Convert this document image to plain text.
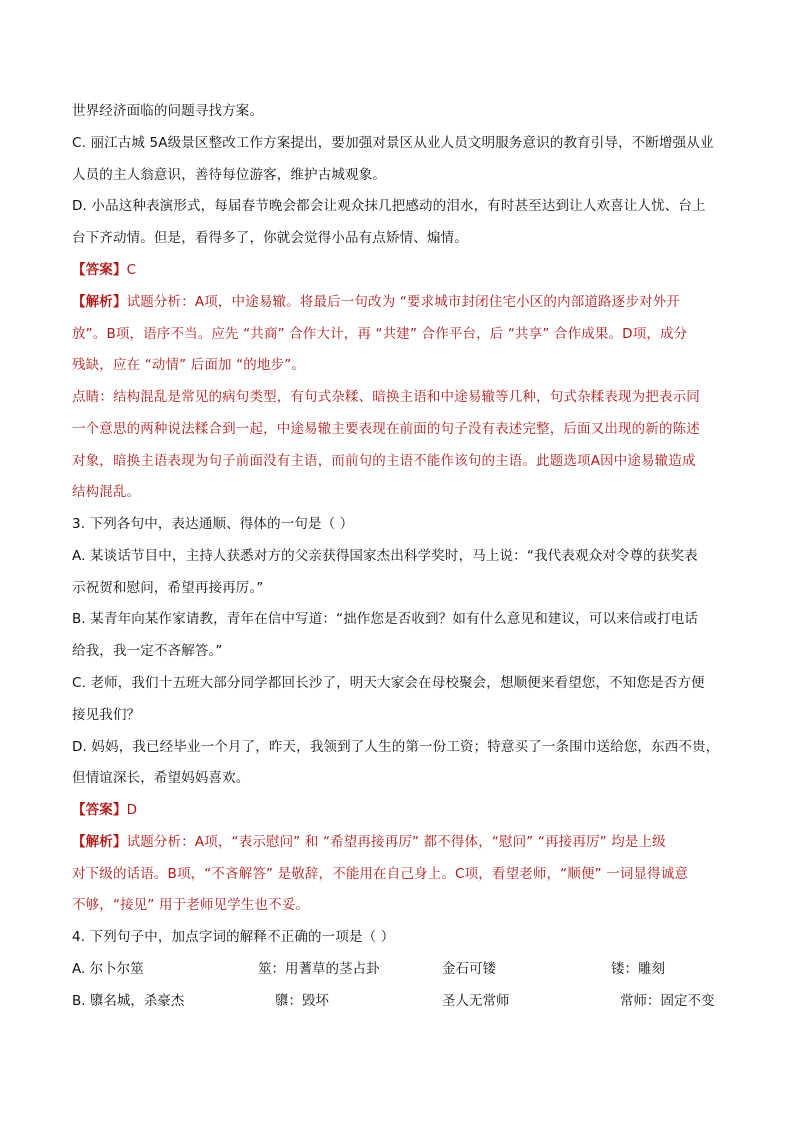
世界经济面临的问题寻找方案。
C. 丽江古城 5A级景区整改工作方案提出，要加强对景区从业人员文明服务意识的教育引导，不断增强从业
人员的主人翁意识，善待每位游客，维护古城观象。
D. 小品这种表演形式，每届春节晚会都会让观众抹几把感动的泪水，有时甚至达到让人欢喜让人忧、台上
台下齐动情。但是，看得多了，你就会觉得小品有点矫情、煽情。
【答案】C
【解析】试题分析：A项，中途易辙。将最后一句改为 “要求城市封闭住宅小区的内部道路逐步对外开
放”。B项，语序不当。应先 “共商” 合作大计，再 “共建” 合作平台，后 “共享” 合作成果。D项，成分
残缺，应在 “动情” 后面加 “的地步”。
点睛：结构混乱是常见的病句类型，有句式杂糅、暗换主语和中途易辙等几种，句式杂糅表现为把表示同
一个意思的两种说法糅合到一起，中途易辙主要表现在前面的句子没有表述完整，后面又出现的新的陈述
对象，暗换主语表现为句子前面没有主语，而前句的主语不能作该句的主语。此题选项A因中途易辙造成
结构混乱。
3. 下列各句中，表达通顺、得体的一句是（ ）
A. 某谈话节目中，主持人获悉对方的父亲获得国家杰出科学奖时，马上说：“我代表观众对令尊的获奖表
示祝贺和慰问，希望再接再厉。”
B. 某青年向某作家请教，青年在信中写道：“拙作您是否收到？如有什么意见和建议，可以来信或打电话
给我，我一定不吝解答。”
C. 老师，我们十五班大部分同学都回长沙了，明天大家会在母校聚会，想顺便来看望您，不知您是否方便
接见我们？
D. 妈妈，我已经毕业一个月了，昨天，我领到了人生的第一份工资；特意买了一条围巾送给您，东西不贵，
但情谊深长，希望妈妈喜欢。
【答案】D
【解析】试题分析：A项，“表示慰问” 和 “希望再接再厉” 都不得体，“慰问” “再接再厉” 均是上级
对下级的话语。B项，“不吝解答” 是敬辞，不能用在自己身上。C项，看望老师，“顺便” 一词显得诚意
不够，“接见” 用于老师见学生也不妥。
4. 下列句子中，加点字词的解释不正确的一项是（ ）
A. 尔卜尔筮	筮：用蓍草的茎占卦	金石可镂	镂：雕刻
B. 隳名城，杀豪杰	隳：毁坏	圣人无常师	常师：固定不变
